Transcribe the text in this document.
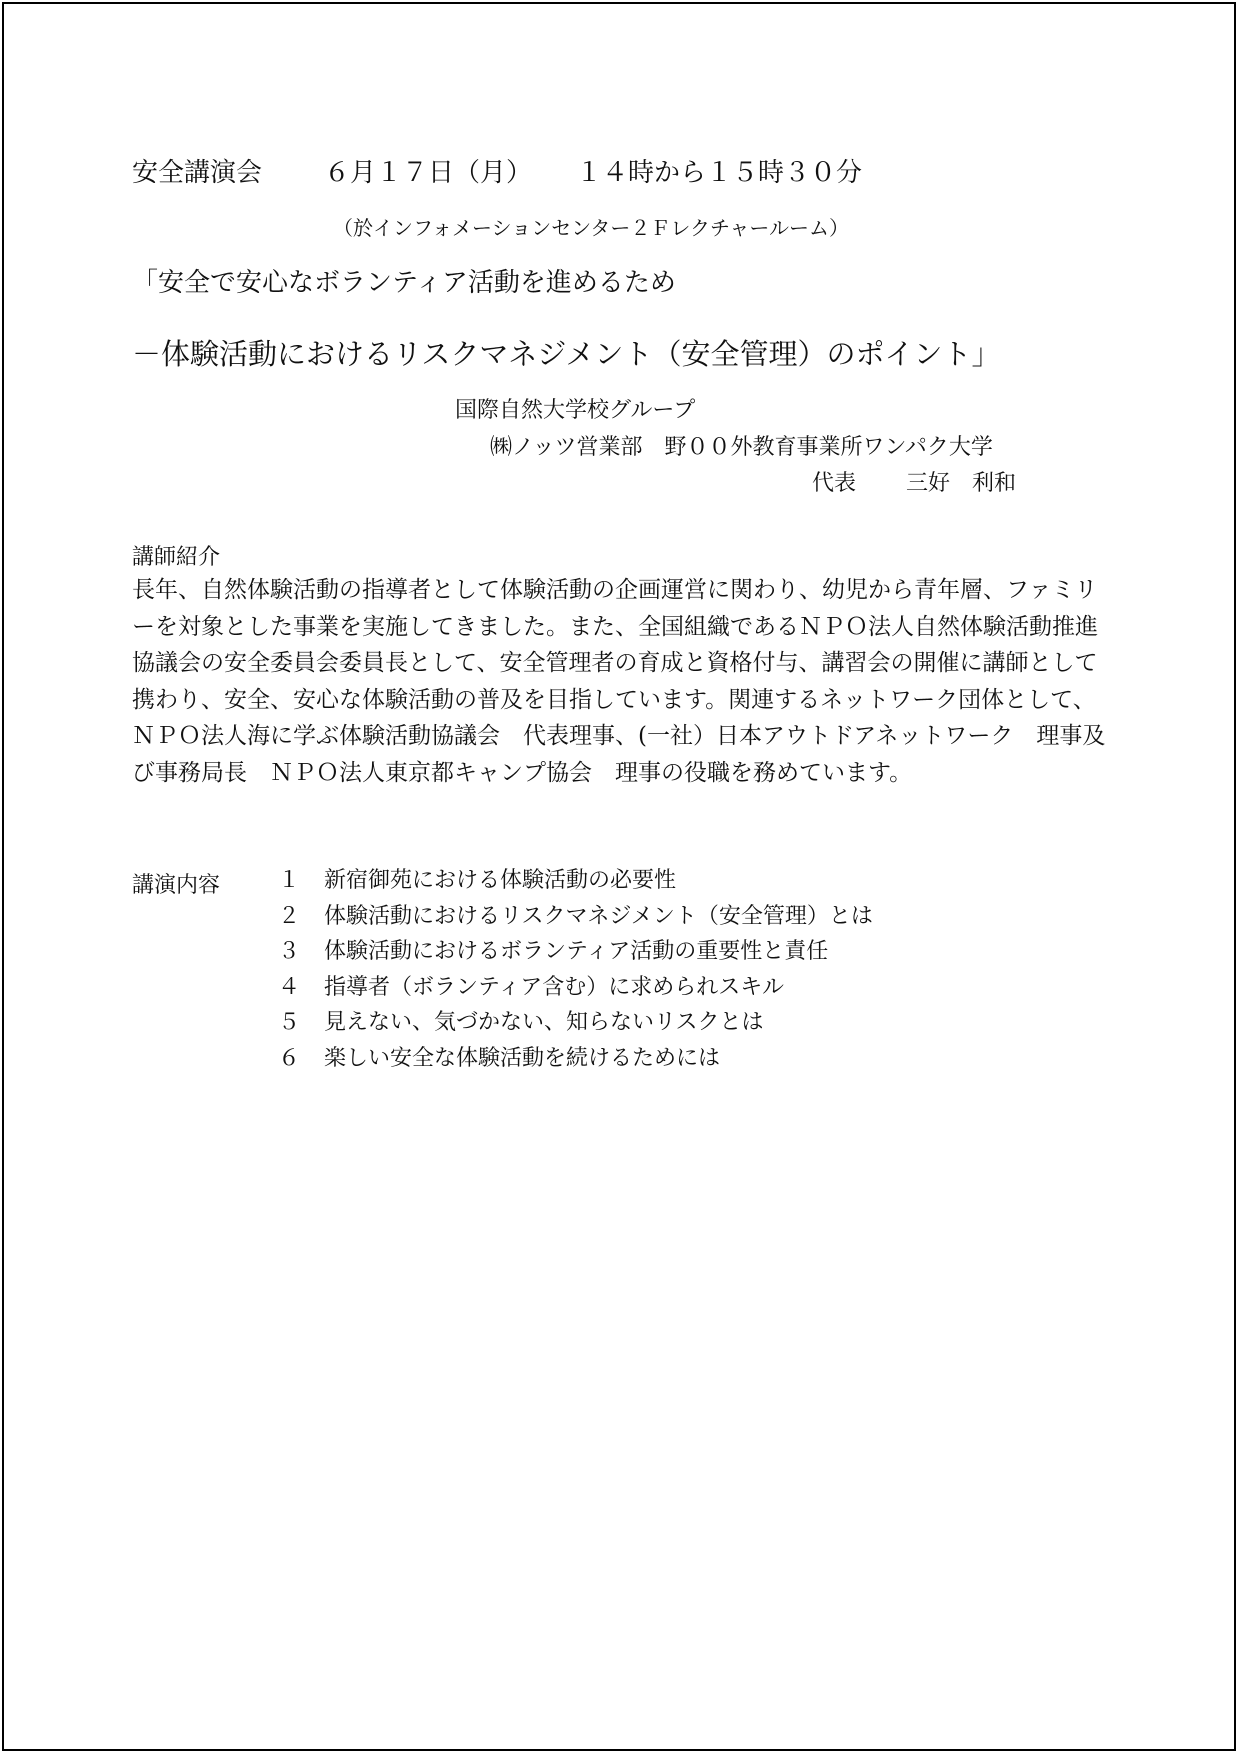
安全講演会 ６月１７日（月） １４時から１５時３０分
（於インフォメーションセンター２Ｆレクチャールーム）
「安全で安心なボランティア活動を進めるため
－体験活動におけるリスクマネジメント（安全管理）のポイント」
国際自然大学校グループ
㈱ノッツ営業部　野００外教育事業所ワンパク大学
代表 三好　利和
講師紹介
長年、自然体験活動の指導者として体験活動の企画運営に関わり、幼児から青年層、ファミリ
ーを対象とした事業を実施してきました。また、全国組織であるＮＰＯ法人自然体験活動推進
協議会の安全委員会委員長として、安全管理者の育成と資格付与、講習会の開催に講師として
携わり、安全、安心な体験活動の普及を目指しています。関連するネットワーク団体として、
ＮＰＯ法人海に学ぶ体験活動協議会　代表理事、(一社）日本アウトドアネットワーク　理事及
び事務局長　ＮＰＯ法人東京都キャンプ協会　理事の役職を務めています。
講演内容	１ 新宿御苑における体験活動の必要性
２ 体験活動におけるリスクマネジメント（安全管理）とは
３ 体験活動におけるボランティア活動の重要性と責任
４ 指導者（ボランティア含む）に求められスキル
５ 見えない、気づかない、知らないリスクとは
６ 楽しい安全な体験活動を続けるためには
